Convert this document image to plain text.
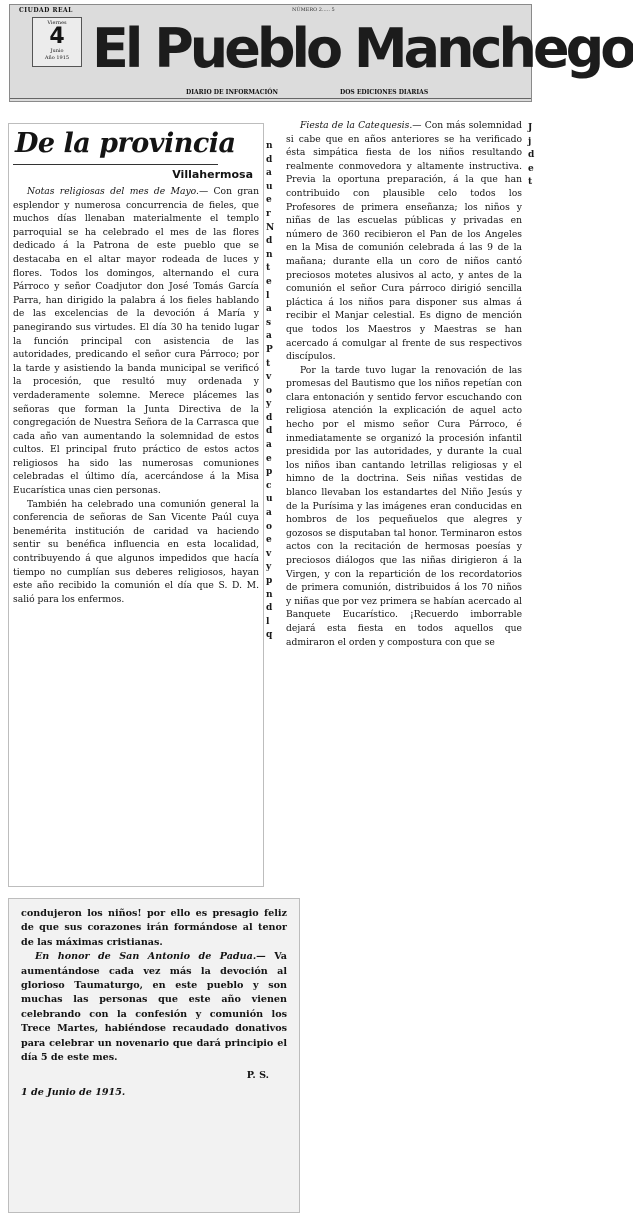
CIUDAD REAL	NÚMERO 2..... 5
Viernes
4
Junio
Año 1915 El Pueblo Manchego
DIARIO DE INFORMACIÓN	DOS EDICIONES DIARIAS
De la provincia
Villahermosa

Notas religiosas del mes de Mayo.— Con gran esplendor y numerosa concurrencia de fieles, que muchos días llenaban materialmente el templo parroquial se ha celebrado el mes de las flores dedicado á la Patrona de este pueblo que se destacaba en el altar mayor rodeada de luces y flores. Todos los domingos, alternando el cura Párroco y señor Coadjutor don José Tomás García Parra, han dirigido la palabra á los fieles hablando de las excelencias de la devoción á María y panegirando sus virtudes. El día 30 ha tenido lugar la función principal con asistencia de las autoridades, predicando el señor cura Párroco; por la tarde y asistiendo la banda municipal se verificó la procesión, que resultó muy ordenada y verdaderamente solemne. Merece plácemes las señoras que forman la Junta Directiva de la congregación de Nuestra Señora de la Carrasca que cada año van aumentando la solemnidad de estos cultos. El principal fruto práctico de estos actos religiosos ha sido las numerosas comuniones celebradas el último día, acercándose á la Misa Eucarística unas cien personas.

También ha celebrado una comunión general la conferencia de señoras de San Vicente Paúl cuya benemérita institución de caridad va haciendo sentir su benéfica influencia en esta localidad, contribuyendo á que algunos impedidos que hacía tiempo no cumplían sus deberes religiosos, hayan este año recibido la comunión el día que S. D. M. salió para los enfermos.

n
d
a
u
e
r
N
d
n
t
e
l
a
s
a
P
t
v
o
y
d
d
a
e
p
c
u
a
o
e
v
y
p
n
d
l
q

Fiesta de la Catequesis.— Con más solemnidad si cabe que en años anteriores se ha verificado ésta simpática fiesta de los niños resultando realmente conmovedora y altamente instructiva. Previa la oportuna preparación, á la que han contribuido con plausible celo todos los Profesores de primera enseñanza; los niños y niñas de las escuelas públicas y privadas en número de 360 recibieron el Pan de los Angeles en la Misa de comunión celebrada á las 9 de la mañana; durante ella un coro de niños cantó preciosos motetes alusivos al acto, y antes de la comunión el señor Cura párroco dirigió sencilla pláctica á los niños para disponer sus almas á recibir el Manjar celestial. Es digno de mención que todos los Maestros y Maestras se han acercado á comulgar al frente de sus respectivos discípulos.

Por la tarde tuvo lugar la renovación de las promesas del Bautismo que los niños repetían con clara entonación y sentido fervor escuchando con religiosa atención la explicación de aquel acto hecho por el mismo señor Cura Párroco, é inmediatamente se organizó la procesión infantil presidida por las autoridades, y durante la cual los niños iban cantando letrillas religiosas y el himno de la doctrina. Seis niñas vestidas de blanco llevaban los estandartes del Niño Jesús y de la Purísima y las imágenes eran conducidas en hombros de los pequeñuelos que alegres y gozosos se disputaban tal honor. Terminaron estos actos con la recitación de hermosas poesías y preciosos diálogos que las niñas dirigieron á la Virgen, y con la repartición de los recordatorios de primera comunión, distribuidos á los 70 niños y niñas que por vez primera se habían acercado al Banquete Eucarístico. ¡Recuerdo imborrable dejará esta fiesta en todos aquellos que admiraron el orden y compostura con que se

J
j
d
e
t

condujeron los niños! por ello es presagio feliz de que sus corazones irán formándose al tenor de las máximas cristianas.

En honor de San Antonio de Padua.— Va aumentándose cada vez más la devoción al glorioso Taumaturgo, en este pueblo y son muchas las personas que este año vienen celebrando con la confesión y comunión los Trece Martes, habiéndose recaudado donativos para celebrar un novenario que dará principio el día 5 de este mes.

P. S.

1 de Junio de 1915.
